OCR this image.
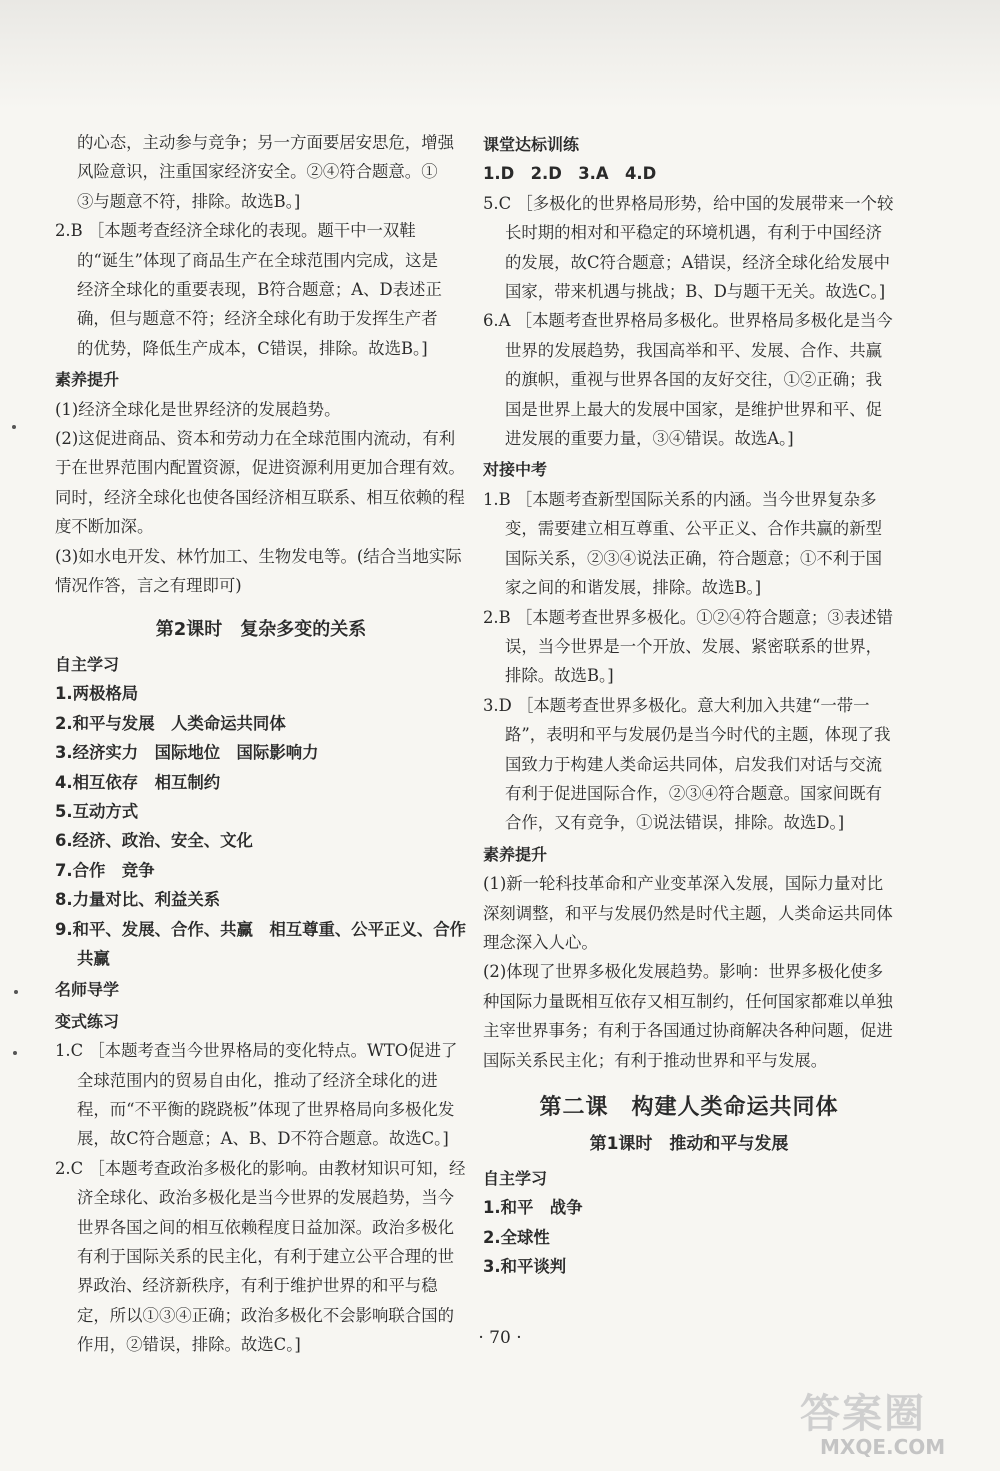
的心态，主动参与竞争；另一方面要居安思危，增强

风险意识，注重国家经济安全。②④符合题意。①

③与题意不符，排除。故选B。]

2.B ［本题考查经济全球化的表现。题干中一双鞋
的“诞生”体现了商品生产在全球范围内完成，这是
经济全球化的重要表现，B符合题意；A、D表述正
确，但与题意不符；经济全球化有助于发挥生产者
的优势，降低生产成本，C错误，排除。故选B。]

素养提升

(1)经济全球化是世界经济的发展趋势。

(2)这促进商品、资本和劳动力在全球范围内流动，有利于在世界范围内配置资源，促进资源利用更加合理有效。同时，经济全球化也使各国经济相互联系、相互依赖的程度不断加深。

(3)如水电开发、林竹加工、生物发电等。(结合当地实际情况作答，言之有理即可)

第2课时　复杂多变的关系

自主学习

1.两极格局

2.和平与发展　人类命运共同体

3.经济实力　国际地位　国际影响力

4.相互依存　相互制约

5.互动方式

6.经济、政治、安全、文化

7.合作　竞争

8.力量对比、利益关系

9.和平、发展、合作、共赢　相互尊重、公平正义、合作共赢

名师导学

变式练习

1.C ［本题考查当今世界格局的变化特点。WTO促进了全球范围内的贸易自由化，推动了经济全球化的进程，而“不平衡的跷跷板”体现了世界格局向多极化发展，故C符合题意；A、B、D不符合题意。故选C。]

2.C ［本题考查政治多极化的影响。由教材知识可知，经济全球化、政治多极化是当今世界的发展趋势，当今世界各国之间的相互依赖程度日益加深。政治多极化有利于国际关系的民主化，有利于建立公平合理的世界政治、经济新秩序，有利于维护世界的和平与稳定，所以①③④正确；政治多极化不会影响联合国的作用，②错误，排除。故选C。]

课堂达标训练

1.D　2.D　3.A　4.D

5.C ［多极化的世界格局形势，给中国的发展带来一个较长时期的相对和平稳定的环境机遇，有利于中国经济的发展，故C符合题意；A错误，经济全球化给发展中国家，带来机遇与挑战；B、D与题干无关。故选C。]

6.A ［本题考查世界格局多极化。世界格局多极化是当今世界的发展趋势，我国高举和平、发展、合作、共赢的旗帜，重视与世界各国的友好交往，①②正确；我国是世界上最大的发展中国家，是维护世界和平、促进发展的重要力量，③④错误。故选A。]

对接中考

1.B ［本题考查新型国际关系的内涵。当今世界复杂多变，需要建立相互尊重、公平正义、合作共赢的新型国际关系，②③④说法正确，符合题意；①不利于国家之间的和谐发展，排除。故选B。]

2.B ［本题考查世界多极化。①②④符合题意；③表述错误，当今世界是一个开放、发展、紧密联系的世界，排除。故选B。]

3.D ［本题考查世界多极化。意大利加入共建“一带一路”，表明和平与发展仍是当今时代的主题，体现了我国致力于构建人类命运共同体，启发我们对话与交流有利于促进国际合作，②③④符合题意。国家间既有合作，又有竞争，①说法错误，排除。故选D。]

素养提升

(1)新一轮科技革命和产业变革深入发展，国际力量对比深刻调整，和平与发展仍然是时代主题，人类命运共同体理念深入人心。

(2)体现了世界多极化发展趋势。影响：世界多极化使多种国际力量既相互依存又相互制约，任何国家都难以单独主宰世界事务；有利于各国通过协商解决各种问题，促进国际关系民主化；有利于推动世界和平与发展。

第二课　构建人类命运共同体

第1课时　推动和平与发展

自主学习

1.和平　战争

2.全球性

3.和平谈判

· 70 ·
答案圈
MXQE.COM
